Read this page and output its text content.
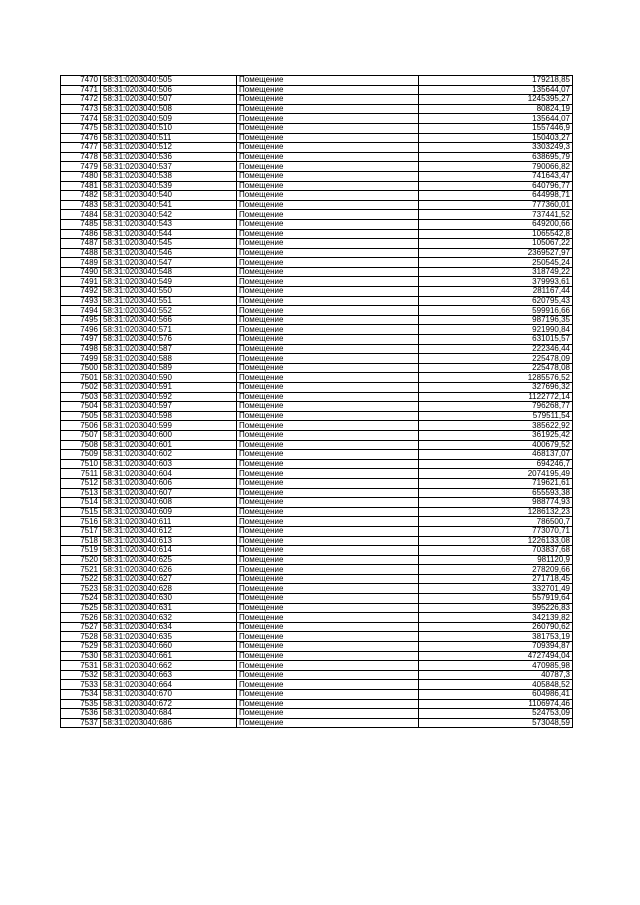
7470	58:31:0203040:505	Помещение	179218,85
7471	58:31:0203040:506	Помещение	135644,07
7472	58:31:0203040:507	Помещение	1245395,27
7473	58:31:0203040:508	Помещение	80824,19
7474	58:31:0203040:509	Помещение	135644,07
7475	58:31:0203040:510	Помещение	1557446,9
7476	58:31:0203040:511	Помещение	150403,27
7477	58:31:0203040:512	Помещение	3303249,3
7478	58:31:0203040:536	Помещение	638695,79
7479	58:31:0203040:537	Помещение	790066,82
7480	58:31:0203040:538	Помещение	741643,47
7481	58:31:0203040:539	Помещение	640796,77
7482	58:31:0203040:540	Помещение	644998,71
7483	58:31:0203040:541	Помещение	777360,01
7484	58:31:0203040:542	Помещение	737441,52
7485	58:31:0203040:543	Помещение	649200,66
7486	58:31:0203040:544	Помещение	1065542,8
7487	58:31:0203040:545	Помещение	105067,22
7488	58:31:0203040:546	Помещение	2369527,97
7489	58:31:0203040:547	Помещение	250545,24
7490	58:31:0203040:548	Помещение	318749,22
7491	58:31:0203040:549	Помещение	379993,61
7492	58:31:0203040:550	Помещение	281167,44
7493	58:31:0203040:551	Помещение	620795,43
7494	58:31:0203040:552	Помещение	599916,66
7495	58:31:0203040:566	Помещение	987196,35
7496	58:31:0203040:571	Помещение	921990,84
7497	58:31:0203040:576	Помещение	631015,57
7498	58:31:0203040:587	Помещение	222346,44
7499	58:31:0203040:588	Помещение	225478,09
7500	58:31:0203040:589	Помещение	225478,08
7501	58:31:0203040:590	Помещение	1285576,52
7502	58:31:0203040:591	Помещение	327696,32
7503	58:31:0203040:592	Помещение	1122772,14
7504	58:31:0203040:597	Помещение	796268,77
7505	58:31:0203040:598	Помещение	579511,54
7506	58:31:0203040:599	Помещение	385622,92
7507	58:31:0203040:600	Помещение	361925,42
7508	58:31:0203040:601	Помещение	400679,52
7509	58:31:0203040:602	Помещение	468137,07
7510	58:31:0203040:603	Помещение	694246,7
7511	58:31:0203040:604	Помещение	2074195,49
7512	58:31:0203040:606	Помещение	719621,61
7513	58:31:0203040:607	Помещение	655593,38
7514	58:31:0203040:608	Помещение	988774,93
7515	58:31:0203040:609	Помещение	1286132,23
7516	58:31:0203040:611	Помещение	786500,7
7517	58:31:0203040:612	Помещение	773070,71
7518	58:31:0203040:613	Помещение	1226133,08
7519	58:31:0203040:614	Помещение	703837,68
7520	58:31:0203040:625	Помещение	981120,9
7521	58:31:0203040:626	Помещение	278209,66
7522	58:31:0203040:627	Помещение	271718,45
7523	58:31:0203040:628	Помещение	332701,49
7524	58:31:0203040:630	Помещение	557919,64
7525	58:31:0203040:631	Помещение	395226,83
7526	58:31:0203040:632	Помещение	342139,82
7527	58:31:0203040:634	Помещение	260790,62
7528	58:31:0203040:635	Помещение	381753,19
7529	58:31:0203040:660	Помещение	709394,87
7530	58:31:0203040:661	Помещение	4727494,04
7531	58:31:0203040:662	Помещение	470985,98
7532	58:31:0203040:663	Помещение	40787,3
7533	58:31:0203040:664	Помещение	405848,52
7534	58:31:0203040:670	Помещение	604986,41
7535	58:31:0203040:672	Помещение	1106974,46
7536	58:31:0203040:684	Помещение	524753,09
7537	58:31:0203040:686	Помещение	573048,59
